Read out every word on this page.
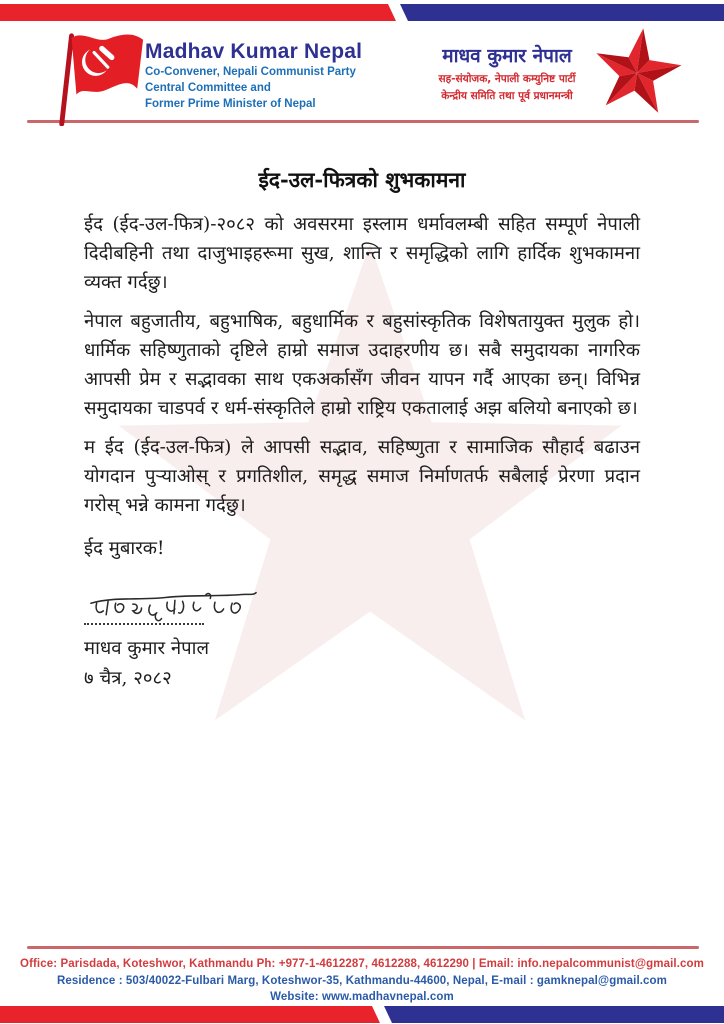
Madhav Kumar Nepal
Co-Convener, Nepali Communist Party
Central Committee and
Former Prime Minister of Nepal
माधव कुमार नेपाल
सह-संयोजक, नेपाली कम्युनिष्ट पार्टी
केन्द्रीय समिति तथा पूर्व प्रधानमन्त्री
ईद-उल-फित्रको शुभकामना

ईद (ईद-उल-फित्र)-२०८२ को अवसरमा इस्लाम धर्मावलम्बी सहित सम्पूर्ण नेपाली दिदीबहिनी तथा दाजुभाइहरूमा सुख, शान्ति र समृद्धिको लागि हार्दिक शुभकामना व्यक्त गर्दछु।

नेपाल बहुजातीय, बहुभाषिक, बहुधार्मिक र बहुसांस्कृतिक विशेषतायुक्त मुलुक हो। धार्मिक सहिष्णुताको दृष्टिले हाम्रो समाज उदाहरणीय छ। सबै समुदायका नागरिक आपसी प्रेम र सद्भावका साथ एकअर्कासँग जीवन यापन गर्दै आएका छन्। विभिन्न समुदायका चाडपर्व र धर्म-संस्कृतिले हाम्रो राष्ट्रिय एकतालाई अझ बलियो बनाएको छ।

म ईद (ईद-उल-फित्र) ले आपसी सद्भाव, सहिष्णुता र सामाजिक सौहार्द बढाउन योगदान पुऱ्याओस् र प्रगतिशील, समृद्ध समाज निर्माणतर्फ सबैलाई प्रेरणा प्रदान गरोस् भन्ने कामना गर्दछु।

ईद मुबारक!
माधव कुमार नेपाल
७ चैत्र, २०८२
Office: Parisdada, Koteshwor, Kathmandu Ph: +977-1-4612287, 4612288, 4612290 | Email: info.nepalcommunist@gmail.com
Residence : 503/40022-Fulbari Marg, Koteshwor-35, Kathmandu-44600, Nepal, E-mail : gamknepal@gmail.com
Website: www.madhavnepal.com
